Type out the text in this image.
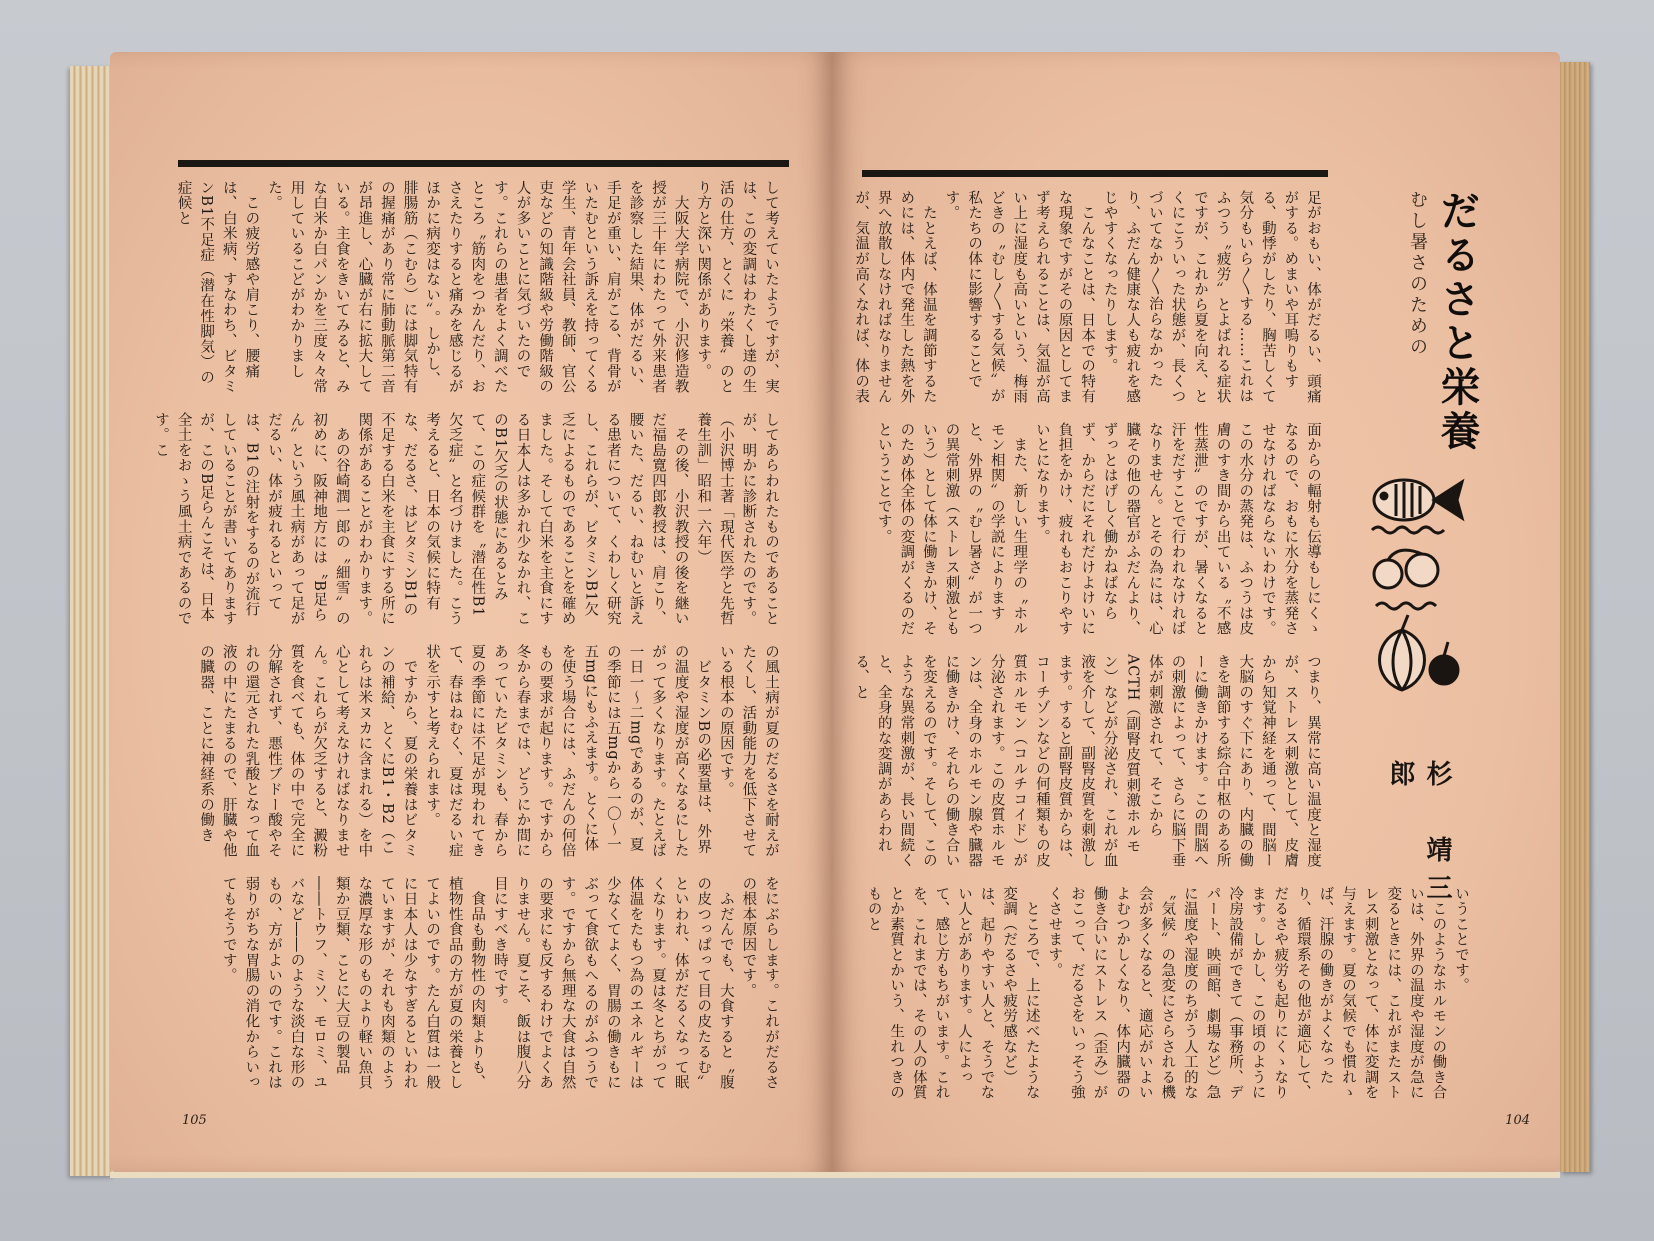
して考えていたようですが、実は、この変調はわたくし達の生活の仕方、とくに〝栄養〟のとり方と深い関係があります。
　大阪大学病院で、小沢修造教授が三十年にわたって外来患者を診察した結果、体がだるい、手足が重い、肩がこる、背骨がいたむという訴えを持ってくる学生、青年会社員、教師、官公吏などの知識階級や労働階級の人が多いことに気づいたのです。これらの患者をよく調べたところ〝筋肉をつかんだり、おさえたりすると痛みを感じるがほかに病変はない〟。しかし、腓腸筋（こむら）には脚気特有の握痛があり常に肺動脈第二音が昂進し、心臓が右に拡大している。主食をきいてみると、みな白米か白パンかを三度々々常用しているこどがわかりました。
　この疲労感や肩こり、腰痛は、白米病、すなわち、ビタミンB1不足症（潜在性脚気）の症候と
してあらわれたものであることが、明かに診断されたのです。
（小沢博士著「現代医学と先哲養生訓」昭和一六年）
　その後、小沢教授の後を継いだ福島寛四郎教授は、肩こり、腰いた、だるい、ねむいと訴える患者について、くわしく研究し、これらが、ビタミンB1欠乏によるものであることを確めました。そして白米を主食にする日本人は多かれ少なかれ、このB1欠乏の状態にあるとみて、この症候群を〝潜在性B1欠乏症〟と名づけました。こう考えると、日本の気候に特有な、だるさ、はビタミンB1の不足する白米を主食にする所に関係があることがわかります。
　あの谷崎潤一郎の〝細雪〟の初めに、阪神地方には〝B足らん〟という風土病があって足がだるい、体が疲れるといっては、B1の注射をするのが流行していることが書いてありますが、このB足らんこそは、日本全土をおゝう風土病であるのです。こ
の風土病が夏のだるさを耐えがたくし、活動能力を低下させている根本の原因です。
　ビタミンBの必要量は、外界の温度や湿度が高くなるにしたがって多くなります。たとえば一日一〜二mgであるのが、夏の季節には五mgから一〇〜一五mgにもふえます。とくに体を使う場合には、ふだんの何倍もの要求が起ります。ですから冬から春までは、どうにか間にあっていたビタミンも、春から夏の季節には不足が現われてきて、春はねむく、夏はだるい症状を示すと考えられます。
　ですから、夏の栄養はビタミンの補給、とくにB1・B2（これらは米ヌカに含まれる）を中心として考えなければなりません。これらが欠乏すると、澱粉質を食べても、体の中で完全に分解されず、悪性ブドー酸やそれの還元された乳酸となって血液の中にたまるので、肝臓や他の臓器、ことに神経系の働き
をにぶらします。これがだるさの根本原因です。
　ふだんでも、大食すると〝腹の皮つっぱって目の皮たるむ〟といわれ、体がだるくなって眠くなります。夏は冬とちがって体温をたもつ為のエネルギーは少なくてよく、胃腸の働きもにぶって食欲もへるのがふつうです。ですから無理な大食は自然の要求にも反するわけでよくありません。夏こそ、飯は腹八分目にすべき時です。
　食品も動物性の肉類よりも、植物性食品の方が夏の栄養としてよいのです。たん白質は一般に日本人は少なすぎるといわれていますが、それも肉類のような濃厚な形のものより軽い魚貝類か豆類、ことに大豆の製品――トウフ、ミソ、モロミ、ユバなど――のような淡白な形のもの、方がよいのです。これは弱りがちな胃腸の消化からいってもそうです。
105
足がおもい、体がだるい、頭痛がする。めまいや耳鳴りもする、動悸がしたり、胸苦しくて気分もいら〳〵する……これはふつう〝疲労〟とよばれる症状ですが、これから夏を向え、とくにこういった状態が、長くつづいてなか〳〵治らなかったり、ふだん健康な人も疲れを感じやすくなったりします。
　こんなことは、日本での特有な現象ですがその原因としてまず考えられることは、気温が高い上に湿度も高いという、梅雨どきの〝むし〳〵する気候〟が私たちの体に影響することです。
　たとえば、体温を調節するためには、体内で発生した熱を外界へ放散しなければなりませんが、気温が高くなれば、体の表
面からの輻射も伝導もしにくゝなるので、おもに水分を蒸発させなければならないわけです。
この水分の蒸発は、ふつうは皮膚のすき間から出ている〝不感性蒸泄〟のですが、暑くなると汗をだすことで行われなければなりません。とその為には、心臓その他の器官がふだんより、ずっとはげしく働かねばならず、からだにそれだけよけいに負担をかけ、疲れもおこりやすいとになります。
　また、新しい生理学の〝ホルモン相関〟の学説によりますと、外界の〝むし暑さ〟が一つの異常刺激（ストレス刺激とも いう）として体に働きかけ、そのため体全体の変調がくるのだということです。
つまり、異常に高い温度と湿度が、ストレス刺激として、皮膚から知覚神経を通って、間脳ー大脳のすぐ下にあり、内臓の働きを調節する綜合中枢のある所ーに働きかけます。この間脳への刺激によって、さらに脳下垂体が刺激されて、そこからACTH（副腎皮質刺激ホルモン）などが分泌され、これが血液を介して、副腎皮質を刺激します。すると副腎皮質からは、コーチゾンなどの何種類もの皮質ホルモン（コルチコイド）が分泌されます。この皮質ホルモンは、全身のホルモン腺や臓器に働きかけ、それらの働き合いを変えるのです。そして、このような異常刺激が、長い間続くと、全身的な変調があらわれる、と
いうことです。
　このようなホルモンの働き合いは、外界の温度や湿度が急に変るときには、これがまたストレス刺激となって、体に変調を与えます。夏の気候でも慣れゝば、汗腺の働きがよくなったり、循環系その他が適応して、だるさや疲労も起りにくゝなります。しかし、この頃のように冷房設備ができて（事務所、デパート、映画館、劇場など）急に温度や湿度のちがう人工的な〝気候〟の急変にさらされる機会が多くなると、適応がいよいよむつかしくなり、体内臓器の働き合いにストレス（歪み）がおこって、だるさをいっそう強くさせます。
　ところで、上に述べたような変調（だるさや疲労感など）は、起りやすい人と、そうでない人とがあります。人によって、感じ方もちがいます。これを、これまでは、その人の体質とか素質とかいう、生れつきのものと
むし暑さのための だるさと栄養
杉　靖三郎
104
